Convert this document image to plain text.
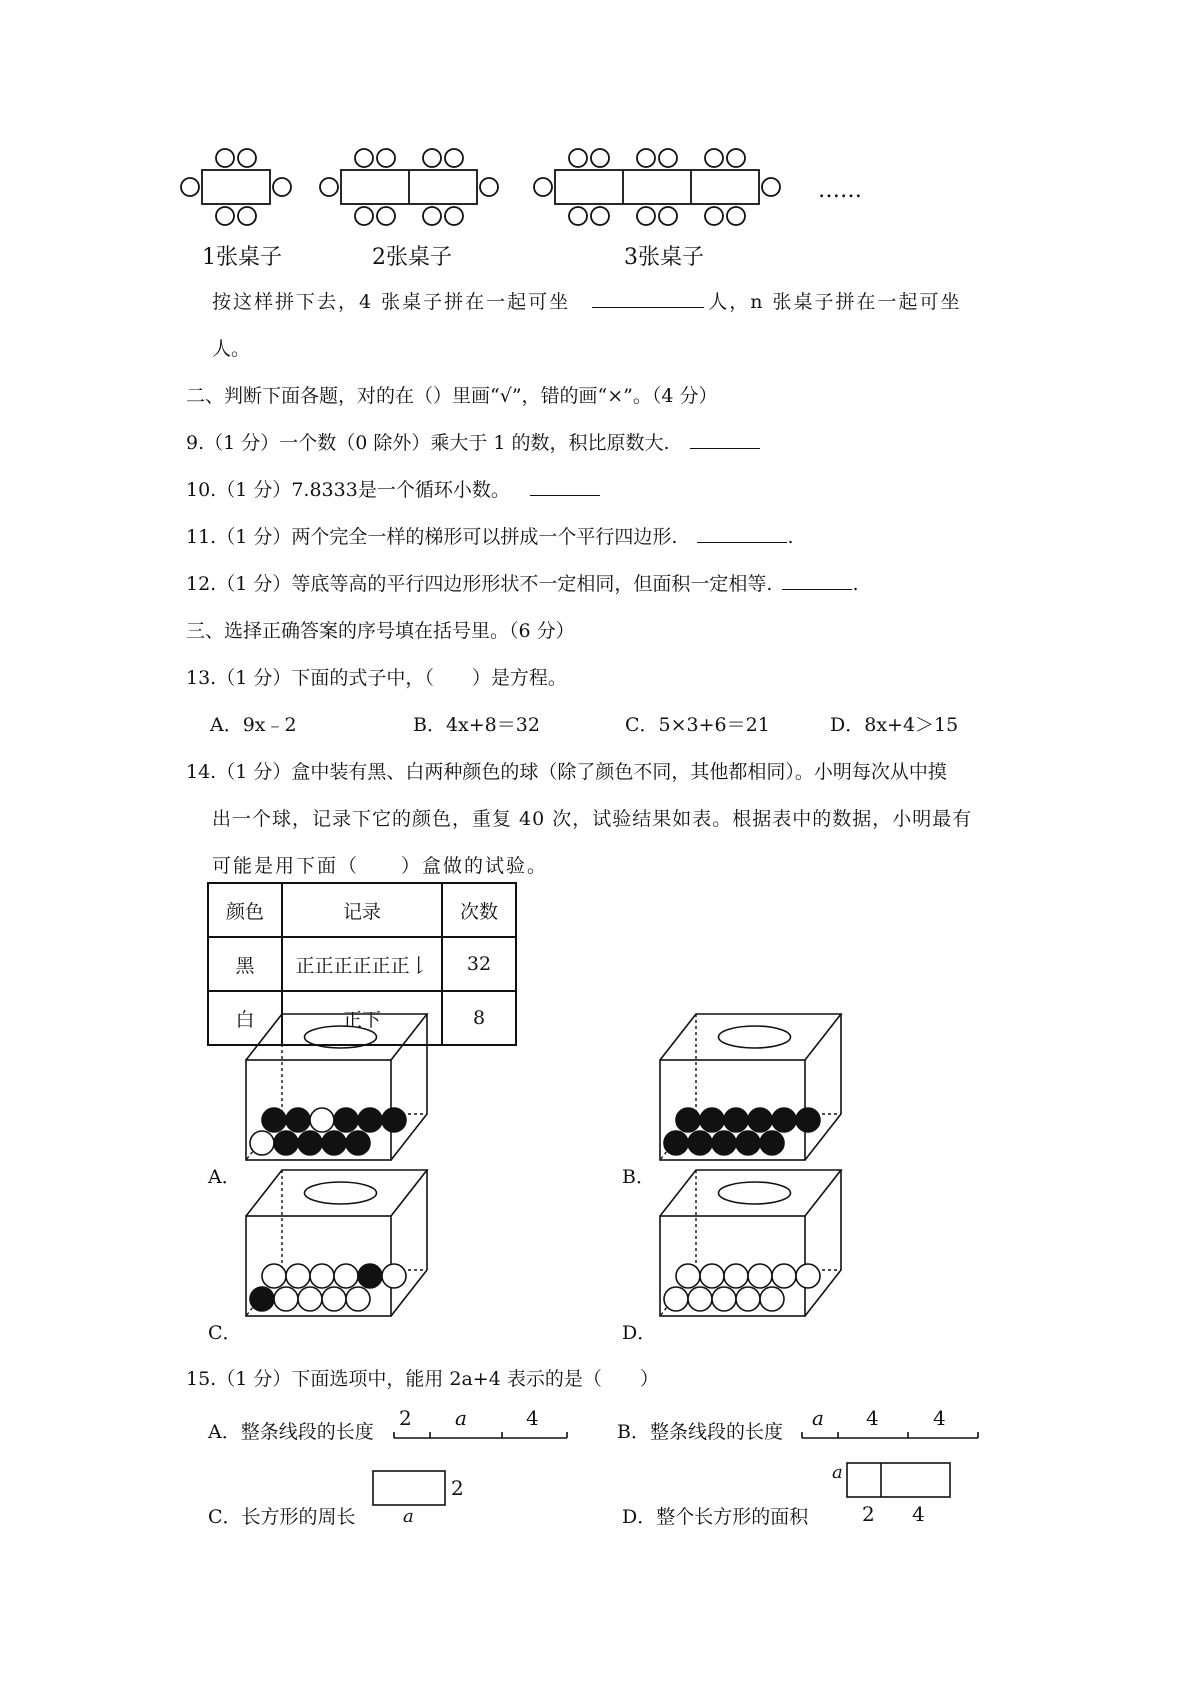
1张桌子	2张桌子	3张桌子
……
按这样拼下去，4 张桌子拼在一起可坐	人，n 张桌子拼在一起可坐
人。
二、判断下面各题，对的在（）里画“√”，错的画“×”。（4 分）
9.（1 分）一个数（0 除外）乘大于 1 的数，积比原数大.
10.（1 分）7.8333是一个循环小数。
11.（1 分）两个完全一样的梯形可以拼成一个平行四边形.	.
12.（1 分）等底等高的平行四边形形状不一定相同，但面积一定相等.	.
三、选择正确答案的序号填在括号里。（6 分）
13.（1 分）下面的式子中，（　　）是方程。
A．9x﹣2	B．4x+8＝32	C．5×3+6＝21	D．8x+4＞15
14.（1 分）盒中装有黑、白两种颜色的球（除了颜色不同，其他都相同）。小明每次从中摸
出一个球，记录下它的颜色，重复 40 次，试验结果如表。根据表中的数据，小明最有
可能是用下面（　　）盒做的试验。
颜色	记录	次数
黑	正正正正正正𠄌	32
白	正下	8
A．	B．
C．	D．
15.（1 分）下面选项中，能用 2a+4 表示的是（　　）
A．整条线段的长度	B．整条线段的长度
C．长方形的周长	D．整个长方形的面积
2 a	4	a 4	4
2
a
a
2 4
